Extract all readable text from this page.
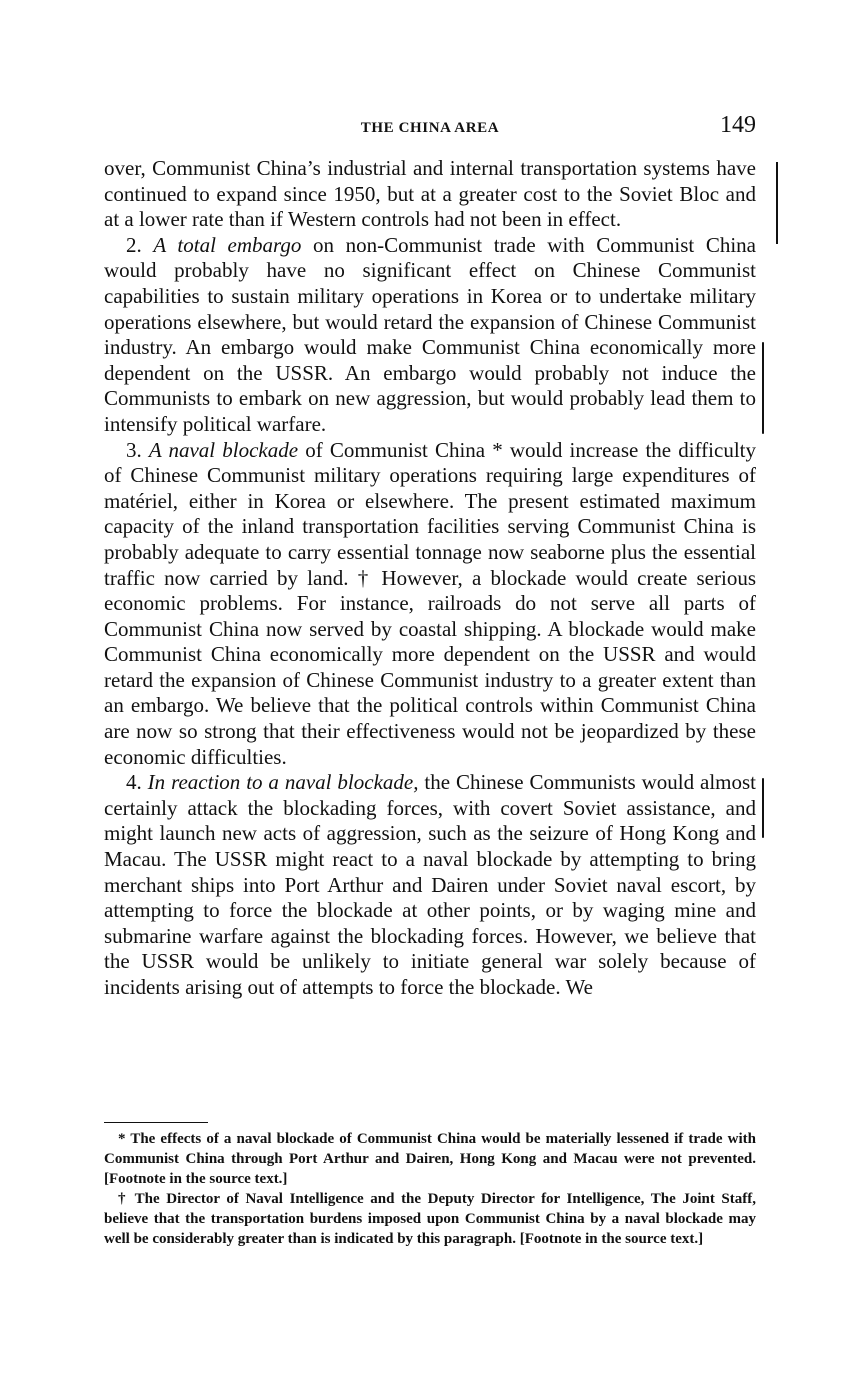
THE CHINA AREA	149

over, Communist China’s industrial and internal transportation systems have continued to expand since 1950, but at a greater cost to the Soviet Bloc and at a lower rate than if Western controls had not been in effect.

2. A total embargo on non-Communist trade with Communist China would probably have no significant effect on Chinese Communist capabilities to sustain military operations in Korea or to undertake military operations elsewhere, but would retard the expansion of Chinese Communist industry. An embargo would make Communist China economically more dependent on the USSR. An embargo would probably not induce the Communists to embark on new aggression, but would probably lead them to intensify political warfare.

3. A naval blockade of Communist China * would increase the difficulty of Chinese Communist military operations requiring large expenditures of matériel, either in Korea or elsewhere. The present estimated maximum capacity of the inland transportation facilities serving Communist China is probably adequate to carry essential tonnage now seaborne plus the essential traffic now carried by land. † However, a blockade would create serious economic problems. For instance, railroads do not serve all parts of Communist China now served by coastal shipping. A blockade would make Communist China economically more dependent on the USSR and would retard the expansion of Chinese Communist industry to a greater extent than an embargo. We believe that the political controls within Communist China are now so strong that their effectiveness would not be jeopardized by these economic difficulties.

4. In reaction to a naval blockade, the Chinese Communists would almost certainly attack the blockading forces, with covert Soviet assistance, and might launch new acts of aggression, such as the seizure of Hong Kong and Macau. The USSR might react to a naval blockade by attempting to bring merchant ships into Port Arthur and Dairen under Soviet naval escort, by attempting to force the blockade at other points, or by waging mine and submarine warfare against the blockading forces. However, we believe that the USSR would be unlikely to initiate general war solely because of incidents arising out of attempts to force the blockade. We

* The effects of a naval blockade of Communist China would be materially lessened if trade with Communist China through Port Arthur and Dairen, Hong Kong and Macau were not prevented. [Footnote in the source text.]

† The Director of Naval Intelligence and the Deputy Director for Intelligence, The Joint Staff, believe that the transportation burdens imposed upon Communist China by a naval blockade may well be considerably greater than is indicated by this paragraph. [Footnote in the source text.]
